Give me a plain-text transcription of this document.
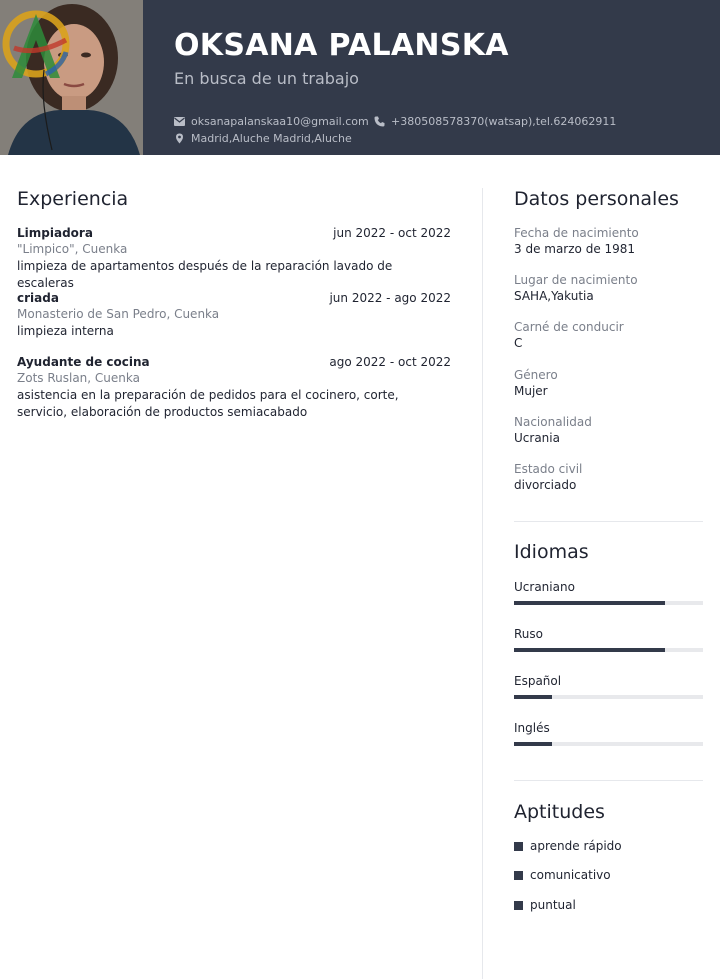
OKSANA PALANSKA
En busca de un trabajo
oksanapalanskaa10@gmail.com +380508578370(watsap),tel.624062911
Madrid,Aluche Madrid,Aluche
Experiencia
Limpiadora	jun 2022 - oct 2022
"Limpico", Cuenka
limpieza de apartamentos después de la reparación lavado de escaleras
criada	jun 2022 - ago 2022
Monasterio de San Pedro, Cuenka
limpieza interna
Ayudante de cocina	ago 2022 - oct 2022
Zots Ruslan, Cuenka
asistencia en la preparación de pedidos para el cocinero, corte, servicio, elaboración de productos semiacabado
Datos personales
Fecha de nacimiento
3 de marzo de 1981
Lugar de nacimiento
SAHA,Yakutia
Carné de conducir
C
Género
Mujer
Nacionalidad
Ucrania
Estado civil
divorciado
Idiomas
Ucraniano
Ruso
Español
Inglés
Aptitudes
aprende rápido
comunicativo
puntual
